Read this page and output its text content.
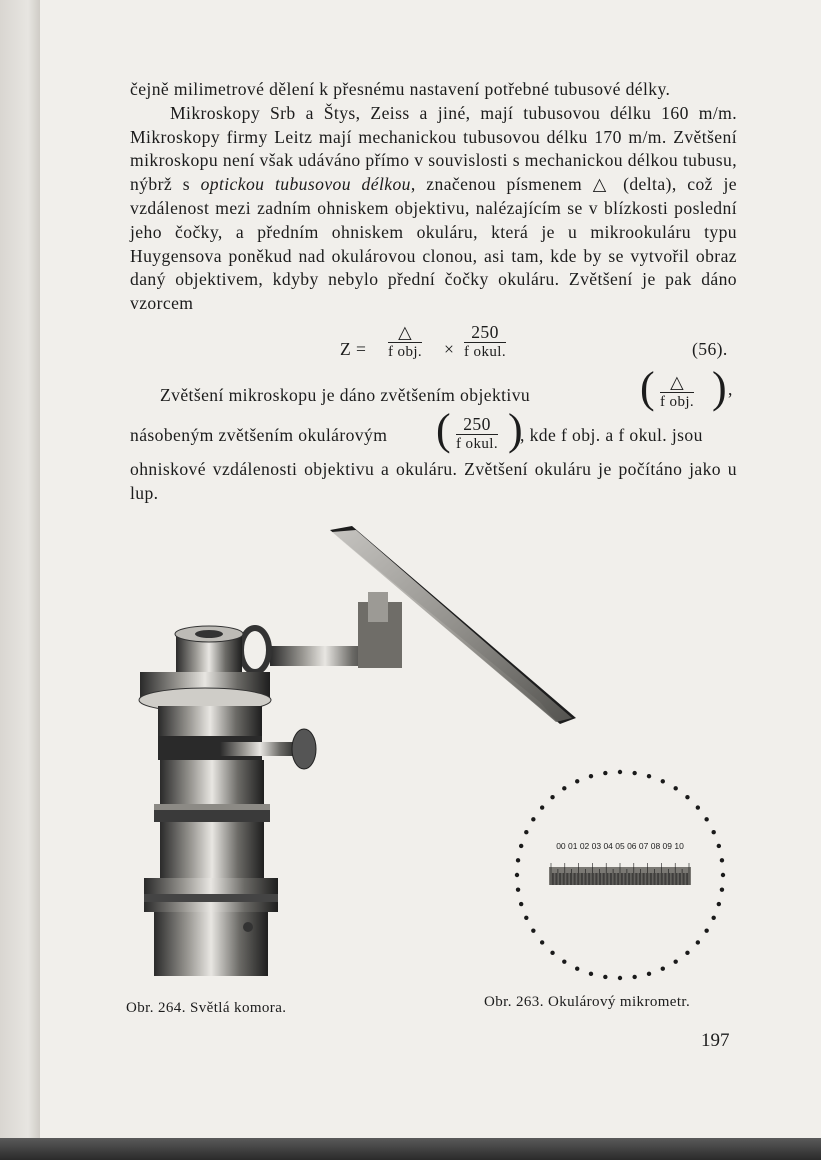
čejně milimetrové dělení k přesnému nastavení potřebné tubusové délky.

Mikroskopy Srb a Štys, Zeiss a jiné, mají tubusovou délku 160 m/m. Mikroskopy firmy Leitz mají mechanickou tubusovou délku 170 m/m. Zvětšení mikroskopu není však udáváno přímo v souvislosti s mechanickou délkou tubusu, nýbrž s optickou tubusovou délkou, značenou písmenem △ (delta), což je vzdálenost mezi zadním ohniskem objektivu, nalézajícím se v blízkosti poslední jeho čočky, a předním ohniskem okuláru, která je u mikrookuláru typu Huygensova poněkud nad okulárovou clonou, asi tam, kde by se vytvořil obraz daný objektivem, kdyby nebylo přední čočky okuláru. Zvětšení je pak dáno vzorcem

Z =
△
f obj. ×
250
f okul.	(56).
Zvětšení mikroskopu je dáno zvětšením objektivu ( △
f obj. ) ,
násobeným zvětšením okulárovým ( 250
f okul. )
, kde f obj. a f okul. jsou

ohniskové vzdálenosti objektivu a okuláru. Zvětšení okuláru je počítáno jako u lup.

00 01 02 03 04 05 06 07 08 09 10
Obr. 264. Světlá komora.	Obr. 263. Okulárový mikrometr.
197
